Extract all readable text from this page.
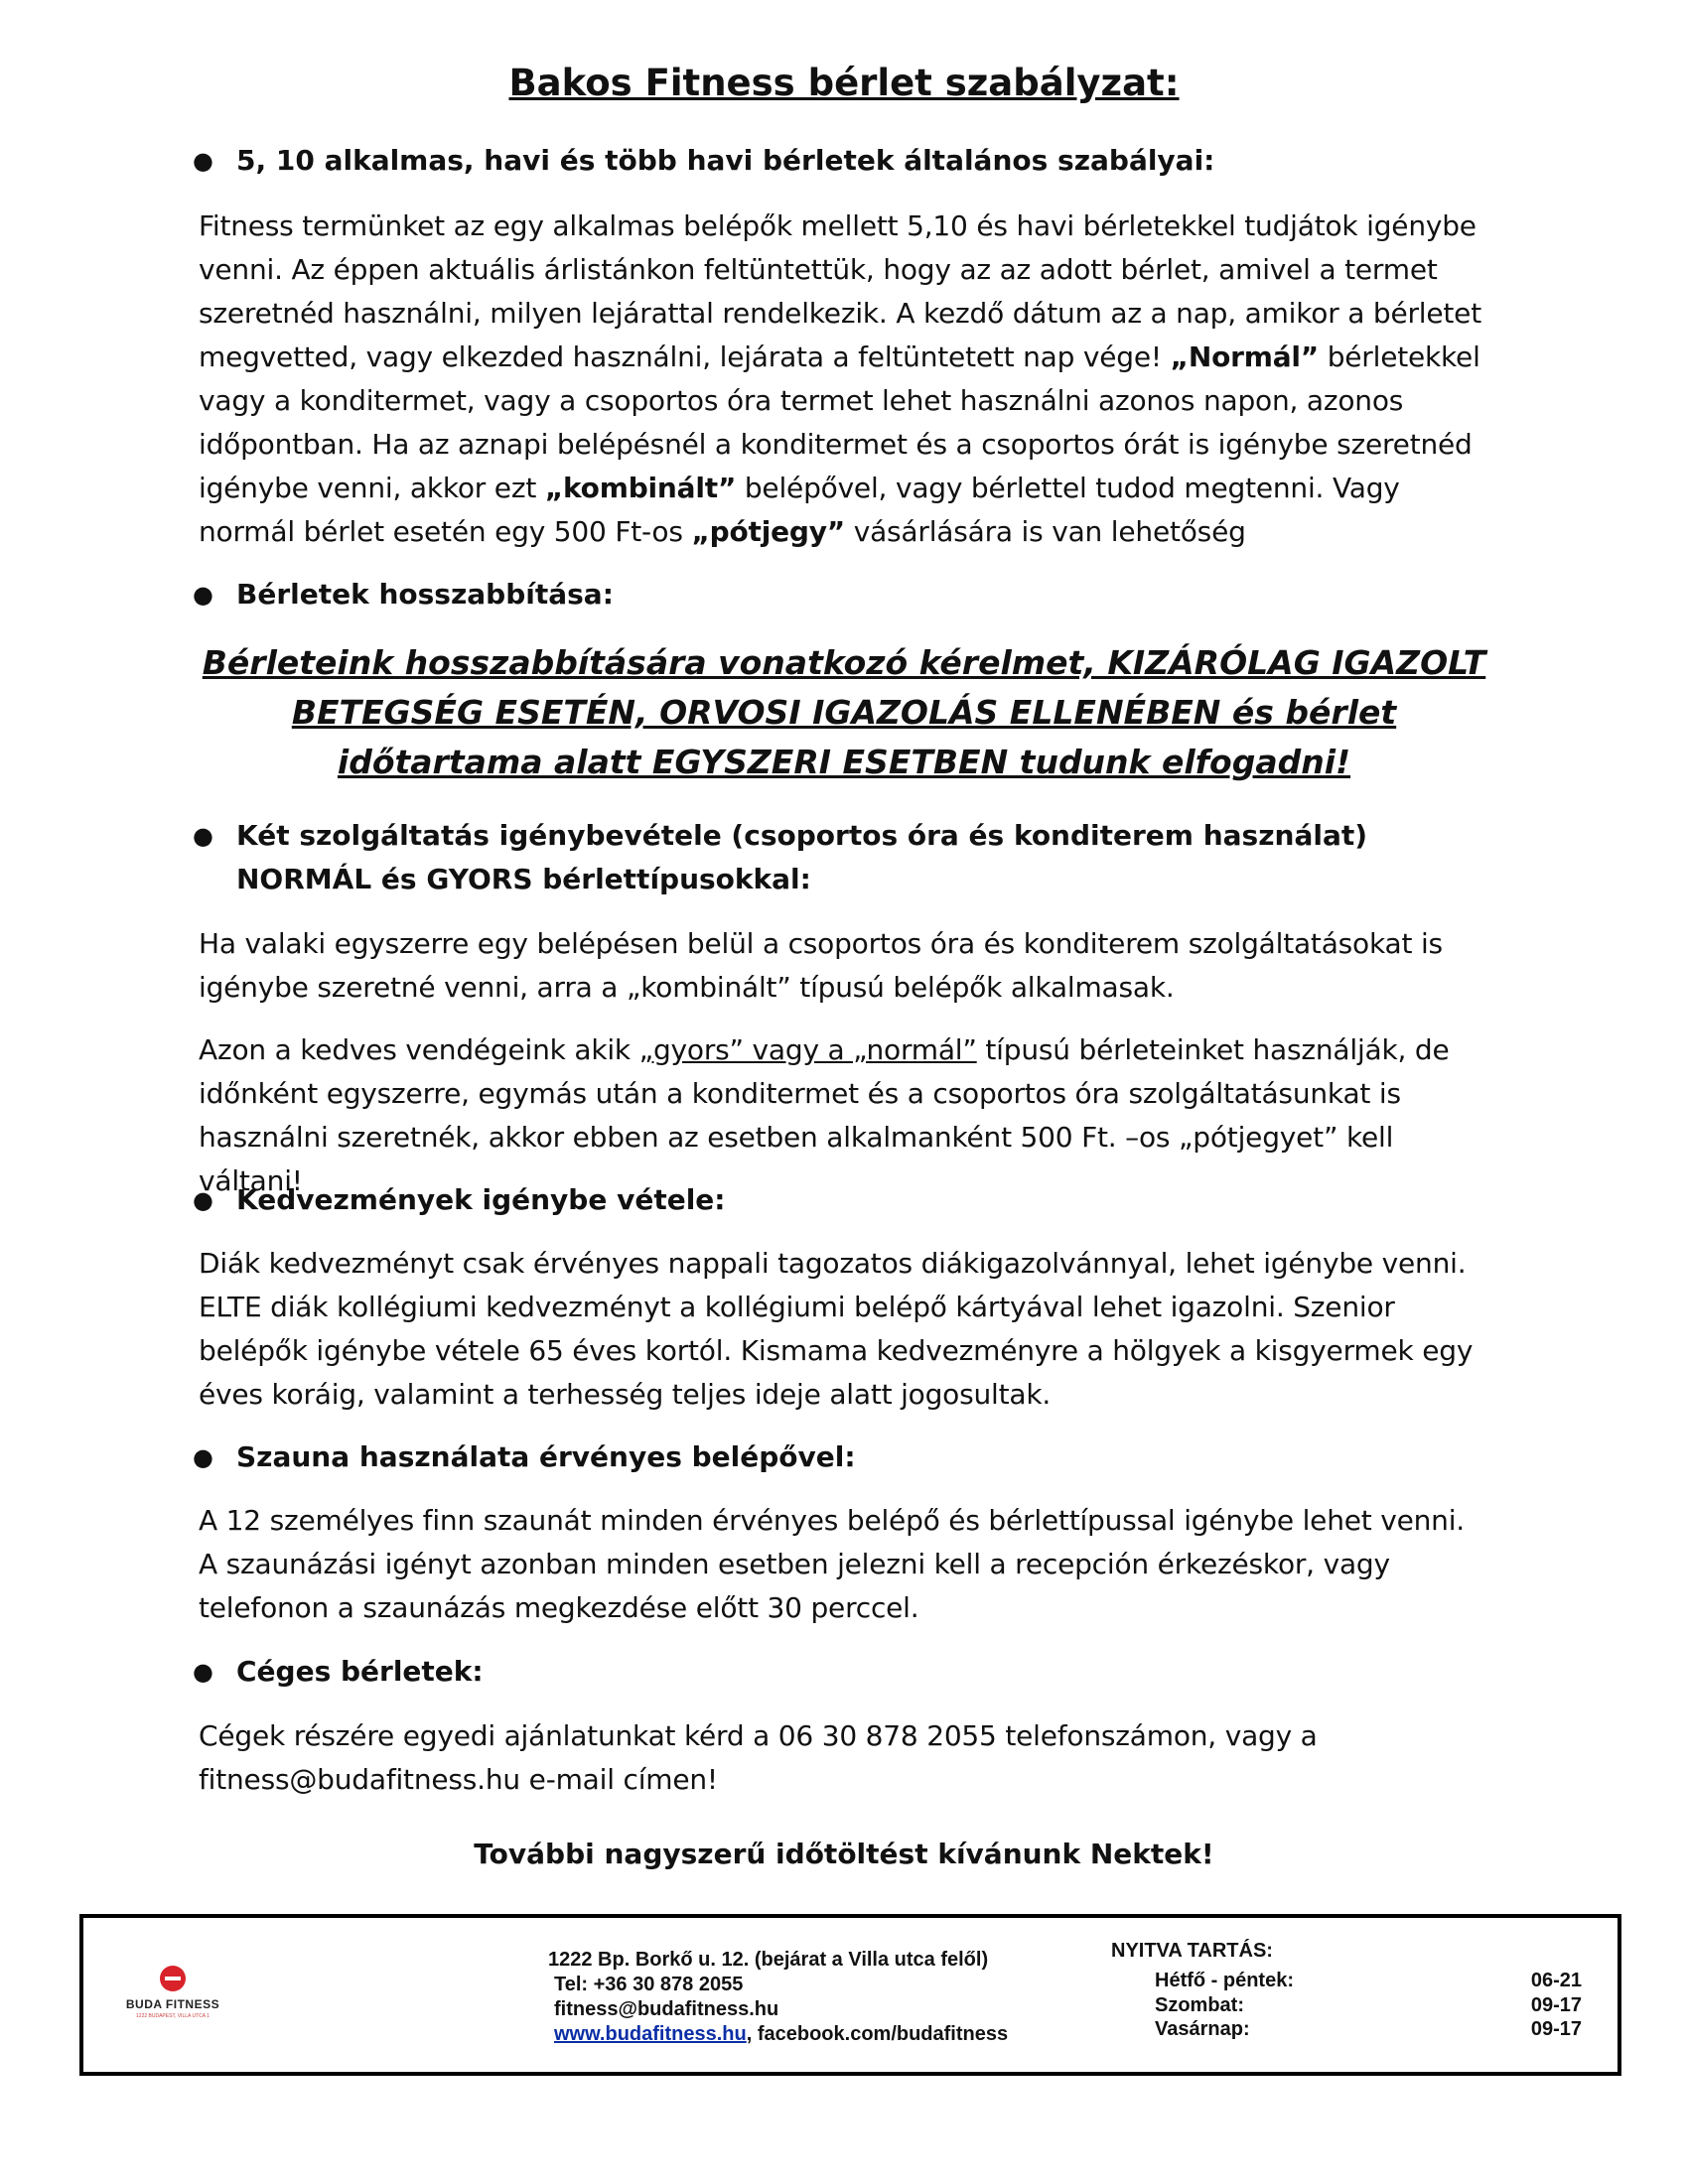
Bakos Fitness bérlet szabályzat:
● 5, 10 alkalmas, havi és több havi bérletek általános szabályai:

Fitness termünket az egy alkalmas belépők mellett 5,10 és havi bérletekkel tudjátok igénybe venni. Az éppen aktuális árlistánkon feltüntettük, hogy az az adott bérlet, amivel a termet szeretnéd használni, milyen lejárattal rendelkezik. A kezdő dátum az a nap, amikor a bérletet megvetted, vagy elkezded használni, lejárata a feltüntetett nap vége! „Normál” bérletekkel vagy a konditermet, vagy a csoportos óra termet lehet használni azonos napon, azonos időpontban. Ha az aznapi belépésnél a konditermet és a csoportos órát is igénybe szeretnéd igénybe venni, akkor ezt „kombinált” belépővel, vagy bérlettel tudod megtenni. Vagy normál bérlet esetén egy 500 Ft-os „pótjegy” vásárlására is van lehetőség

● Bérletek hosszabbítása:

Bérleteink hosszabbítására vonatkozó kérelmet, KIZÁRÓLAG IGAZOLT BETEGSÉG ESETÉN, ORVOSI IGAZOLÁS ELLENÉBEN és bérlet időtartama alatt EGYSZERI ESETBEN tudunk elfogadni!

● Két szolgáltatás igénybevétele (csoportos óra és konditerem használat) NORMÁL és GYORS bérlettípusokkal:

Ha valaki egyszerre egy belépésen belül a csoportos óra és konditerem szolgáltatásokat is igénybe szeretné venni, arra a „kombinált” típusú belépők alkalmasak.

Azon a kedves vendégeink akik „gyors” vagy a „normál” típusú bérleteinket használják, de időnként egyszerre, egymás után a konditermet és a csoportos óra szolgáltatásunkat is használni szeretnék, akkor ebben az esetben alkalmanként 500 Ft. –os „pótjegyet” kell váltani!

● Kedvezmények igénybe vétele:

Diák kedvezményt csak érvényes nappali tagozatos diákigazolvánnyal, lehet igénybe venni. ELTE diák kollégiumi kedvezményt a kollégiumi belépő kártyával lehet igazolni. Szenior belépők igénybe vétele 65 éves kortól. Kismama kedvezményre a hölgyek a kisgyermek egy éves koráig, valamint a terhesség teljes ideje alatt jogosultak.

● Szauna használata érvényes belépővel:

A 12 személyes finn szaunát minden érvényes belépő és bérlettípussal igénybe lehet venni. A szaunázási igényt azonban minden esetben jelezni kell a recepción érkezéskor, vagy telefonon a szaunázás megkezdése előtt 30 perccel.

● Céges bérletek:

Cégek részére egyedi ajánlatunkat kérd a 06 30 878 2055 telefonszámon, vagy a fitness@budafitness.hu e-mail címen!

További nagyszerű időtöltést kívánunk Nektek!

BUDA FITNESS
1222 BUDAPEST, VILLA UTCA 1
1222 Bp. Borkő u. 12. (bejárat a Villa utca felől)
Tel: +36 30 878 2055
fitness@budafitness.hu
www.budafitness.hu, facebook.com/budafitness
NYITVA TARTÁS:
Hétfő - péntek:	06-21
Szombat:	09-17
Vasárnap:	09-17
